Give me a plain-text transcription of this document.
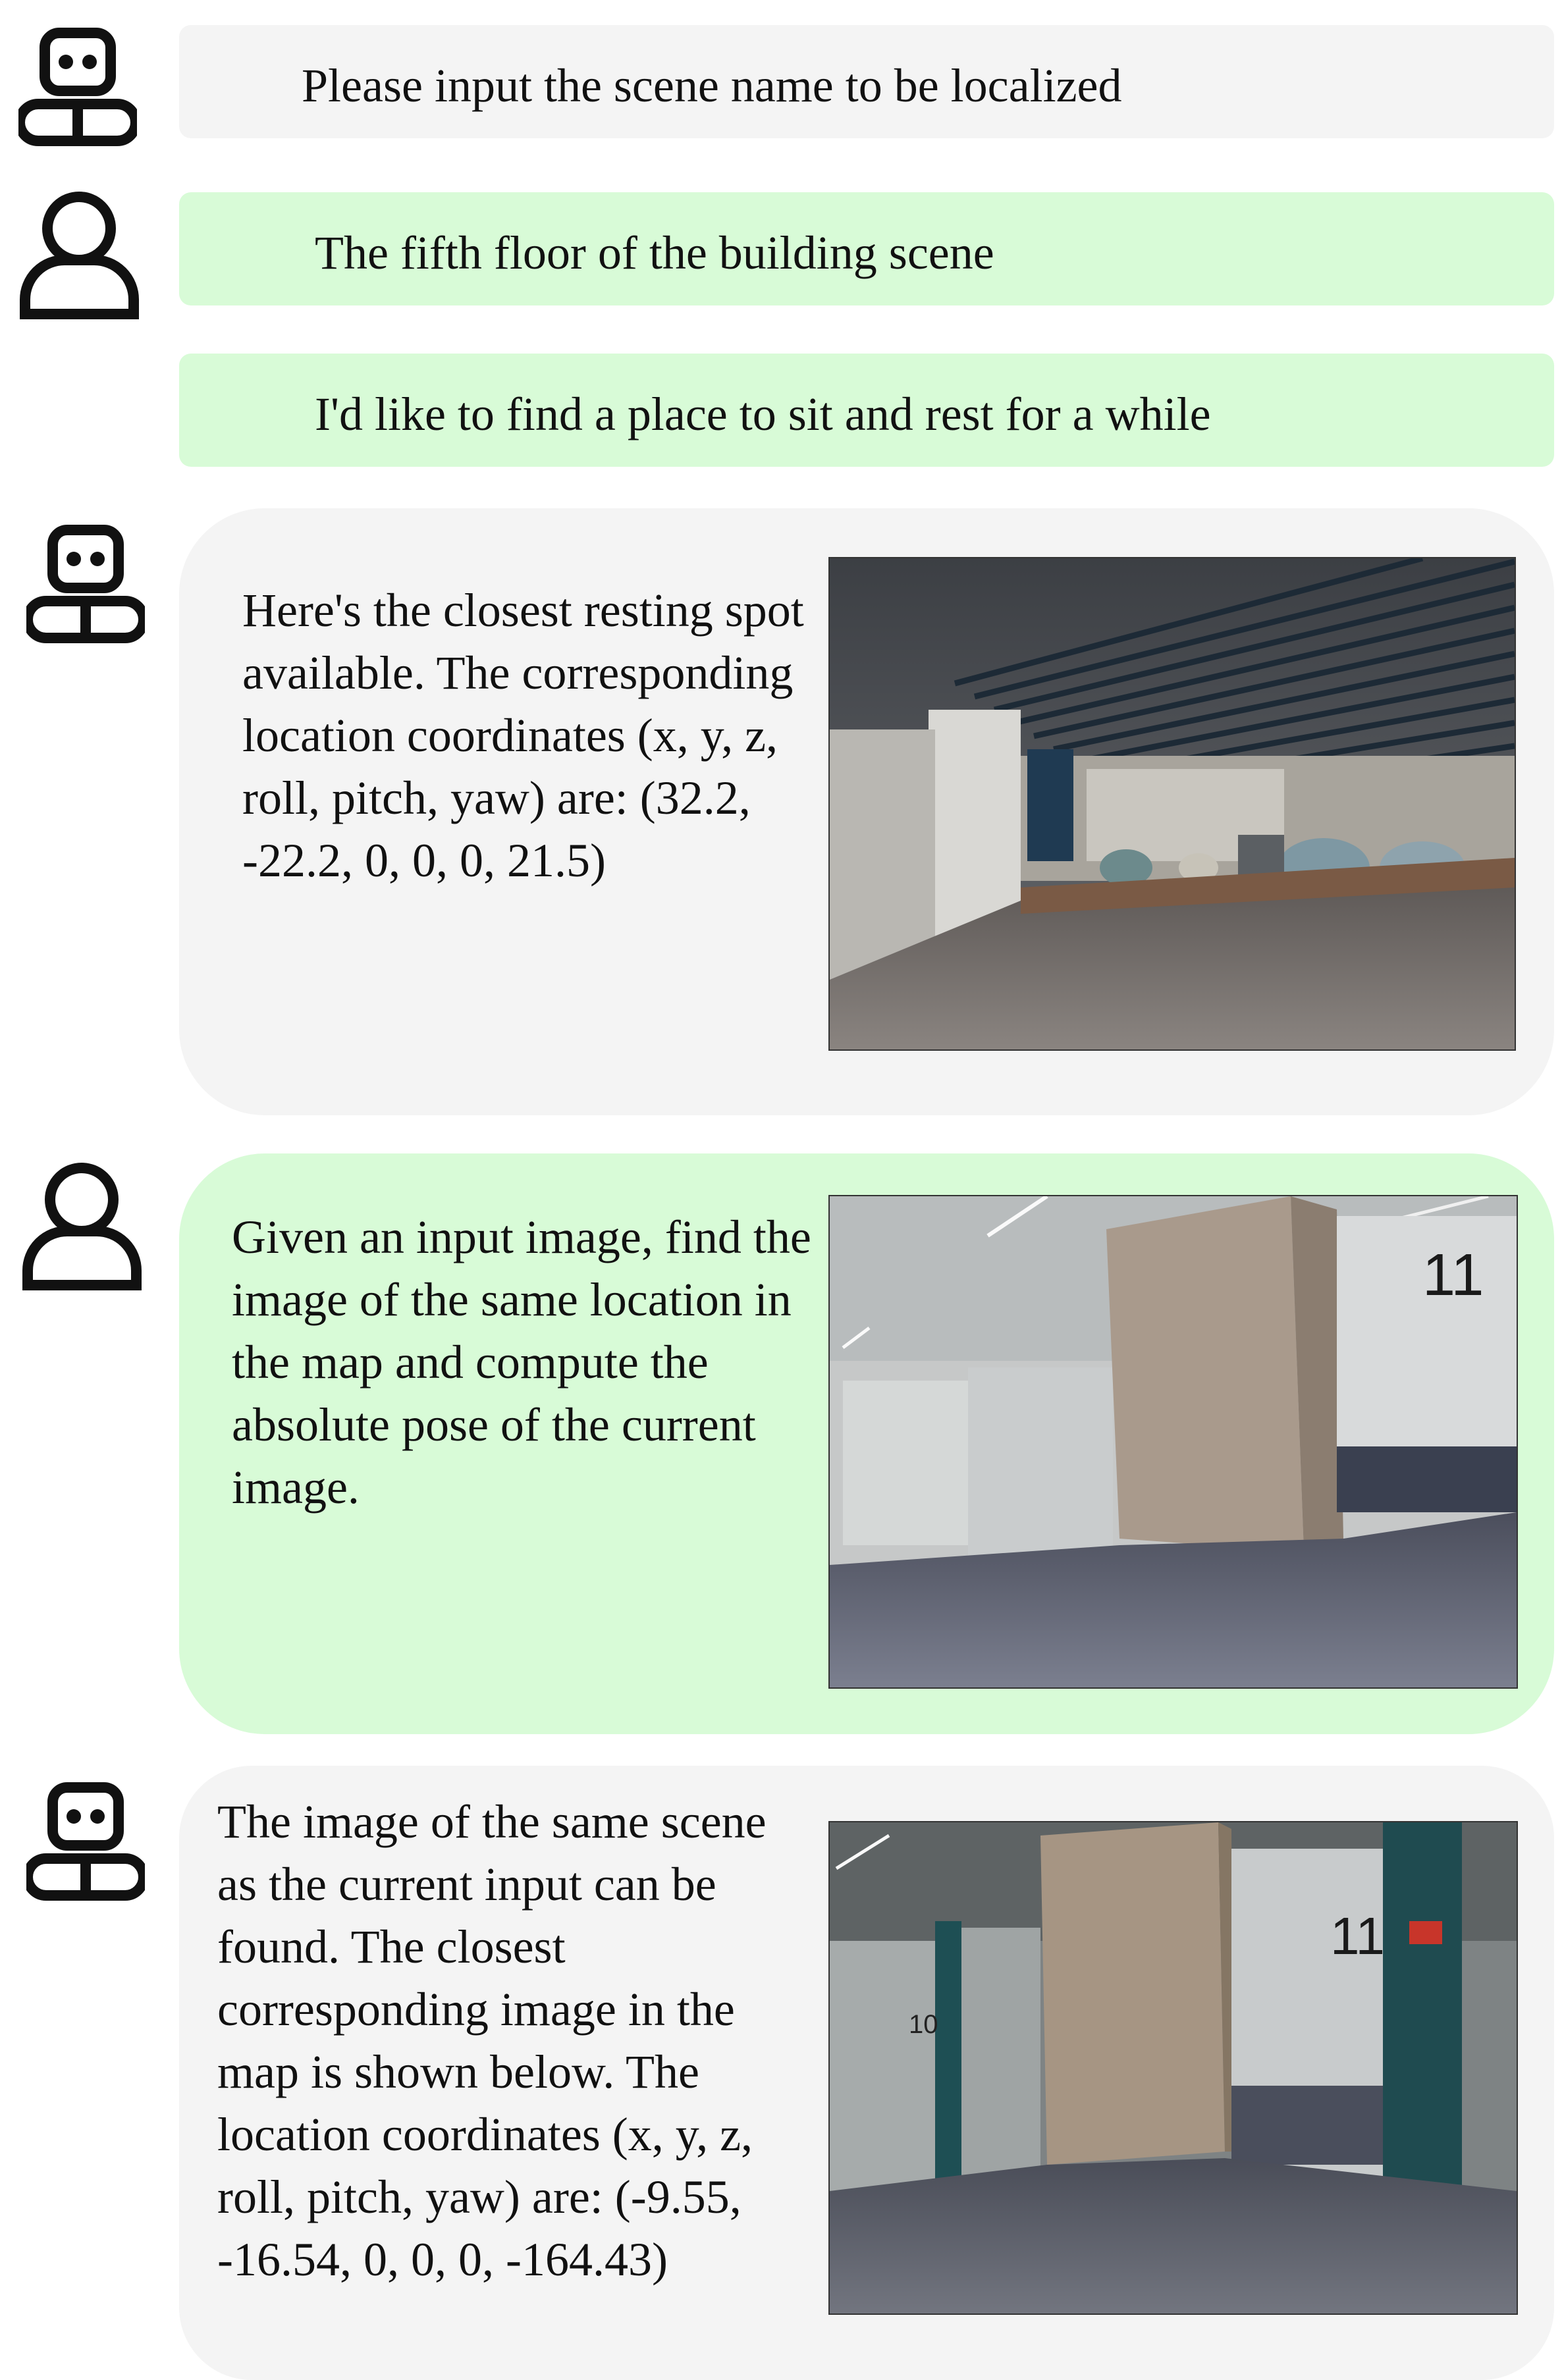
Please input the scene name to be localized
The fifth floor of the building scene
I'd like to find a place to sit and rest for a while
Here's the closest resting spot available. The corresponding location coordinates (x, y, z, roll, pitch, yaw) are: (32.2, -22.2, 0, 0, 0, 21.5)
Given an input image, find the image of the same location in the map and compute the absolute pose of the current image.
11
The image of the same scene as the current input can be found. The closest corresponding image in the map is shown below. The location coordinates (x, y, z, roll, pitch, yaw) are: (-9.55, -16.54, 0, 0, 0, -164.43)
10
11
